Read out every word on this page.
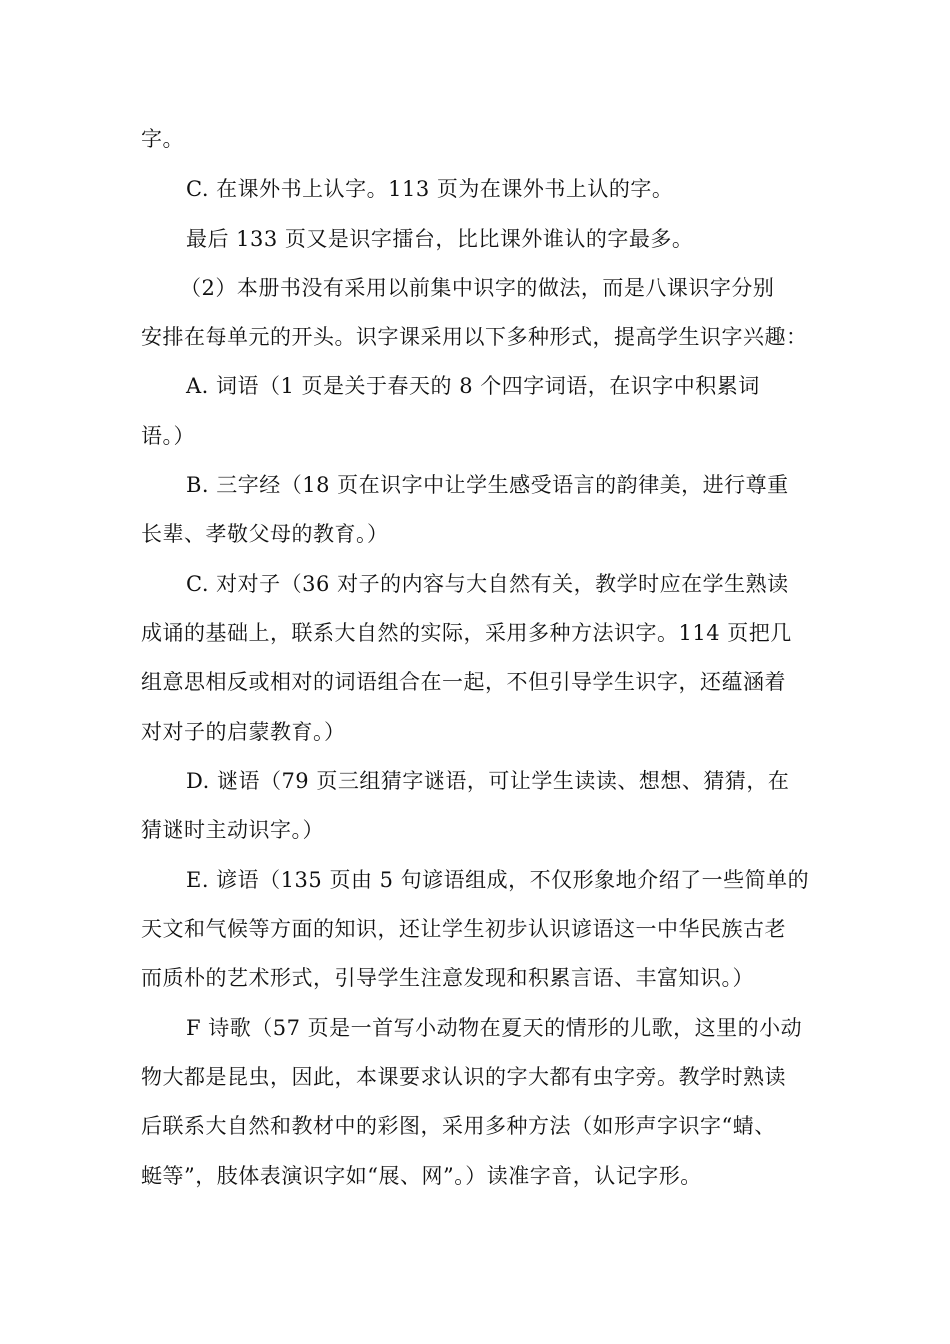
字。
C. 在课外书上认字。113 页为在课外书上认的字。
最后 133 页又是识字擂台，比比课外谁认的字最多。
（2）本册书没有采用以前集中识字的做法，而是八课识字分别
安排在每单元的开头。识字课采用以下多种形式，提高学生识字兴趣：
A. 词语（1 页是关于春天的 8 个四字词语，在识字中积累词
语。）
B. 三字经（18 页在识字中让学生感受语言的韵律美，进行尊重
长辈、孝敬父母的教育。）
C. 对对子（36 对子的内容与大自然有关，教学时应在学生熟读
成诵的基础上，联系大自然的实际，采用多种方法识字。114 页把几
组意思相反或相对的词语组合在一起，不但引导学生识字，还蕴涵着
对对子的启蒙教育。）
D. 谜语（79 页三组猜字谜语，可让学生读读、想想、猜猜，在
猜谜时主动识字。）
E. 谚语（135 页由 5 句谚语组成，不仅形象地介绍了一些简单的
天文和气候等方面的知识，还让学生初步认识谚语这一中华民族古老
而质朴的艺术形式，引导学生注意发现和积累言语、丰富知识。）
F 诗歌（57 页是一首写小动物在夏天的情形的儿歌，这里的小动
物大都是昆虫，因此，本课要求认识的字大都有虫字旁。教学时熟读
后联系大自然和教材中的彩图，采用多种方法（如形声字识字“蜻、
蜓等”，肢体表演识字如“展、网”。）读准字音，认记字形。
